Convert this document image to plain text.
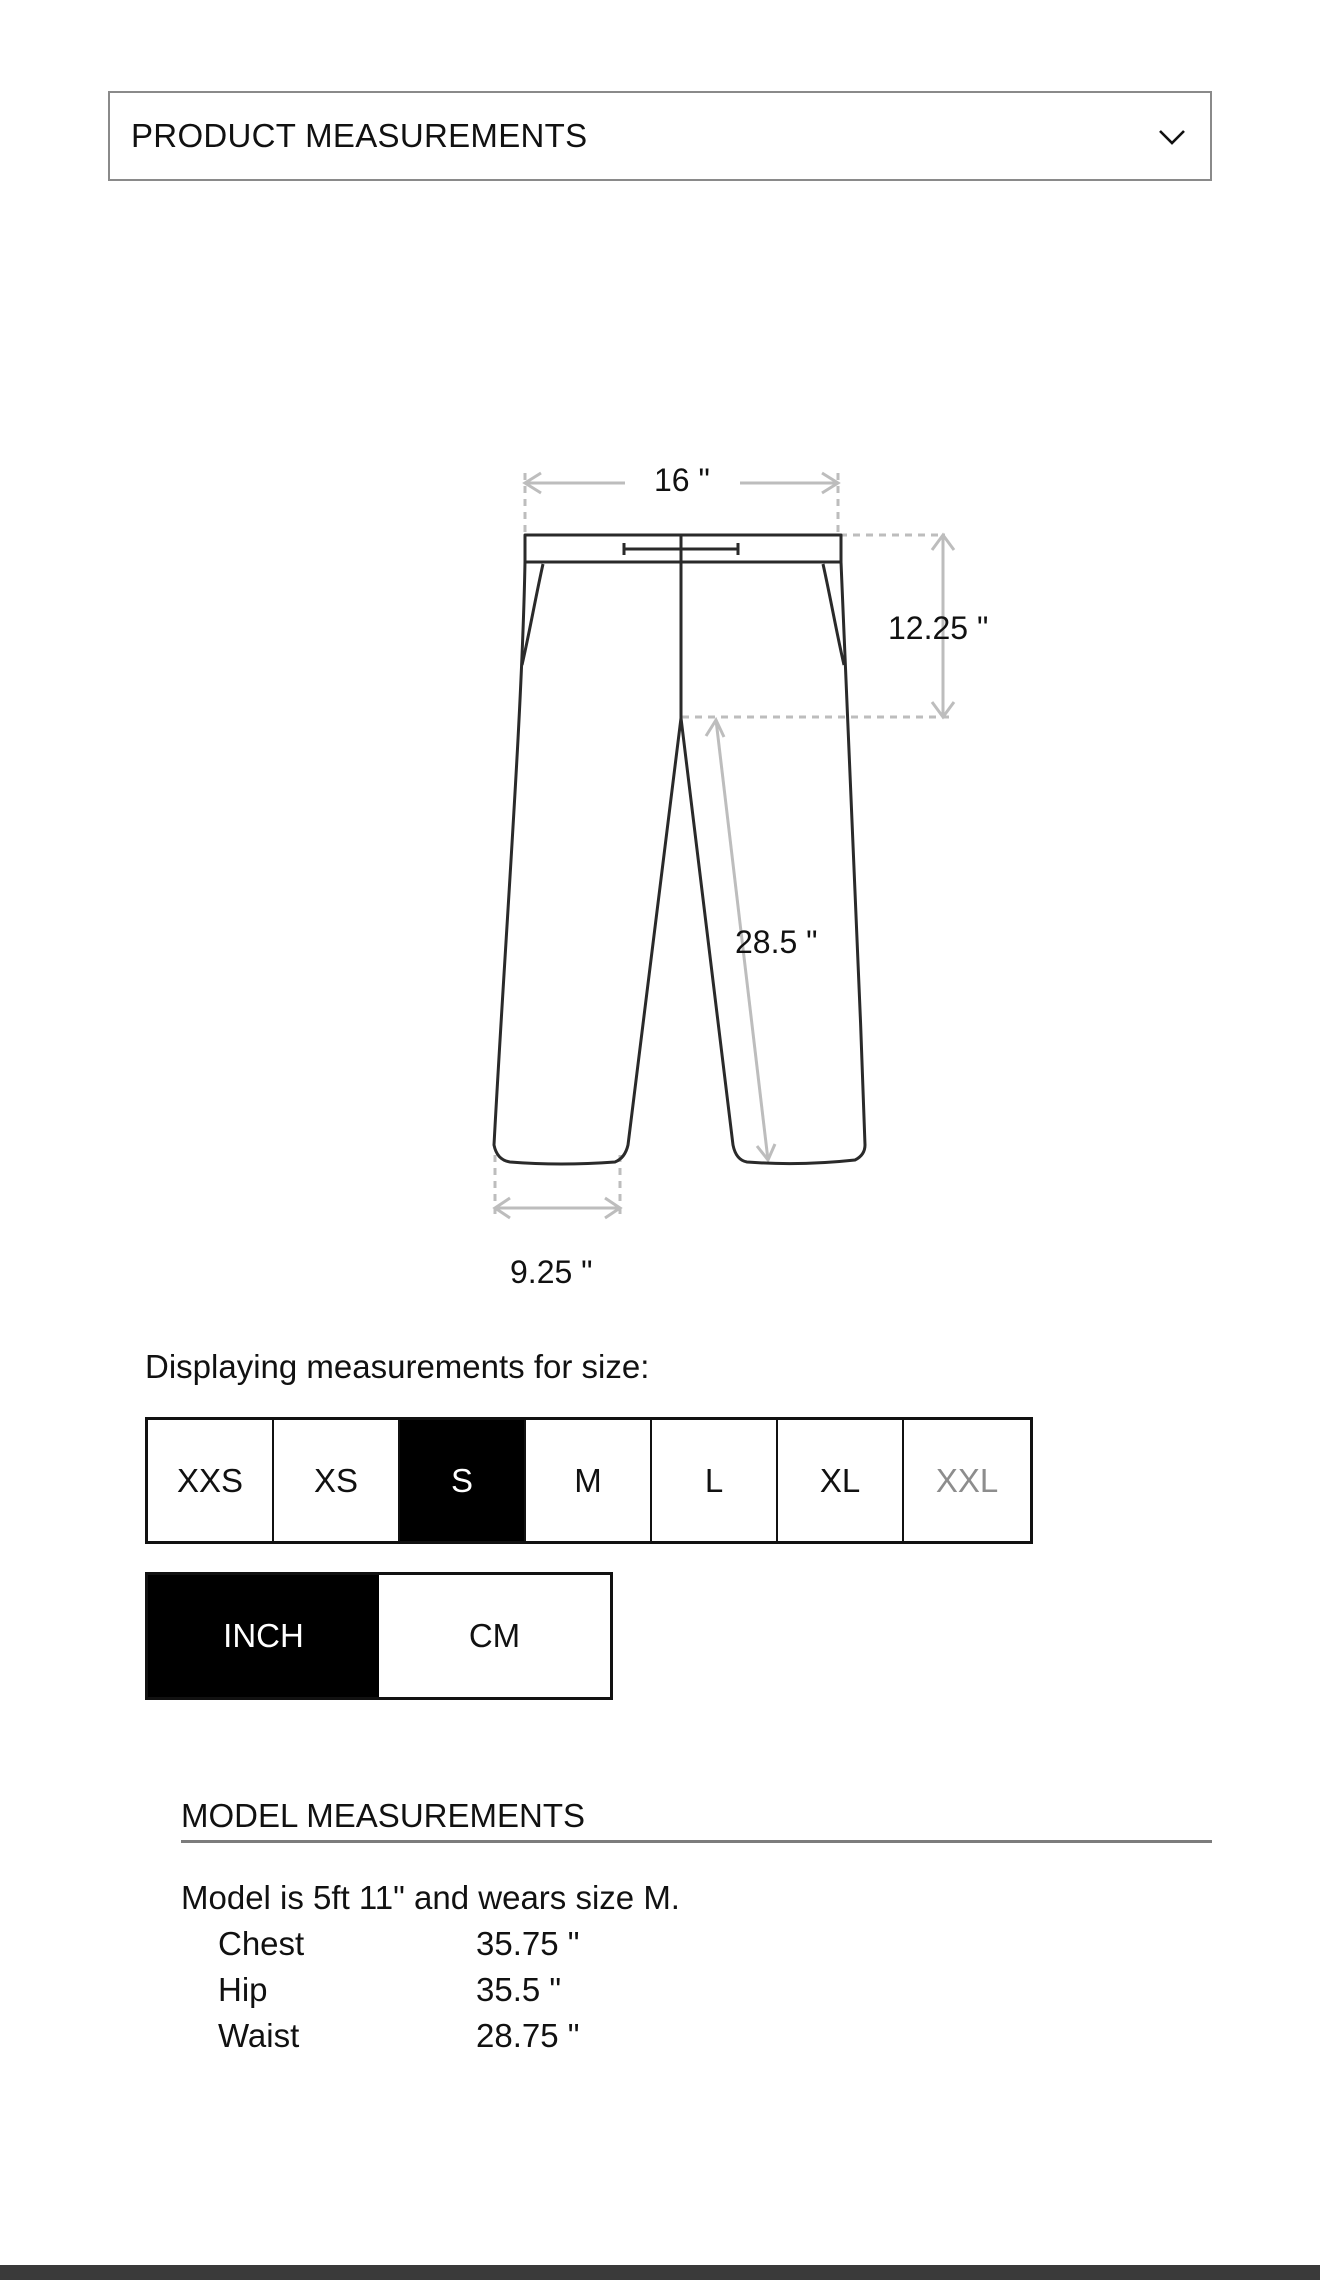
PRODUCT MEASUREMENTS
16 "
12.25 "
28.5 "
9.25 "
Displaying measurements for size:
XXS	XS	S	M	L	XL	XXL
INCH	CM
MODEL MEASUREMENTS
Model is 5ft 11" and wears size M.
Chest	35.75 "
Hip	35.5 "
Waist	28.75 "
